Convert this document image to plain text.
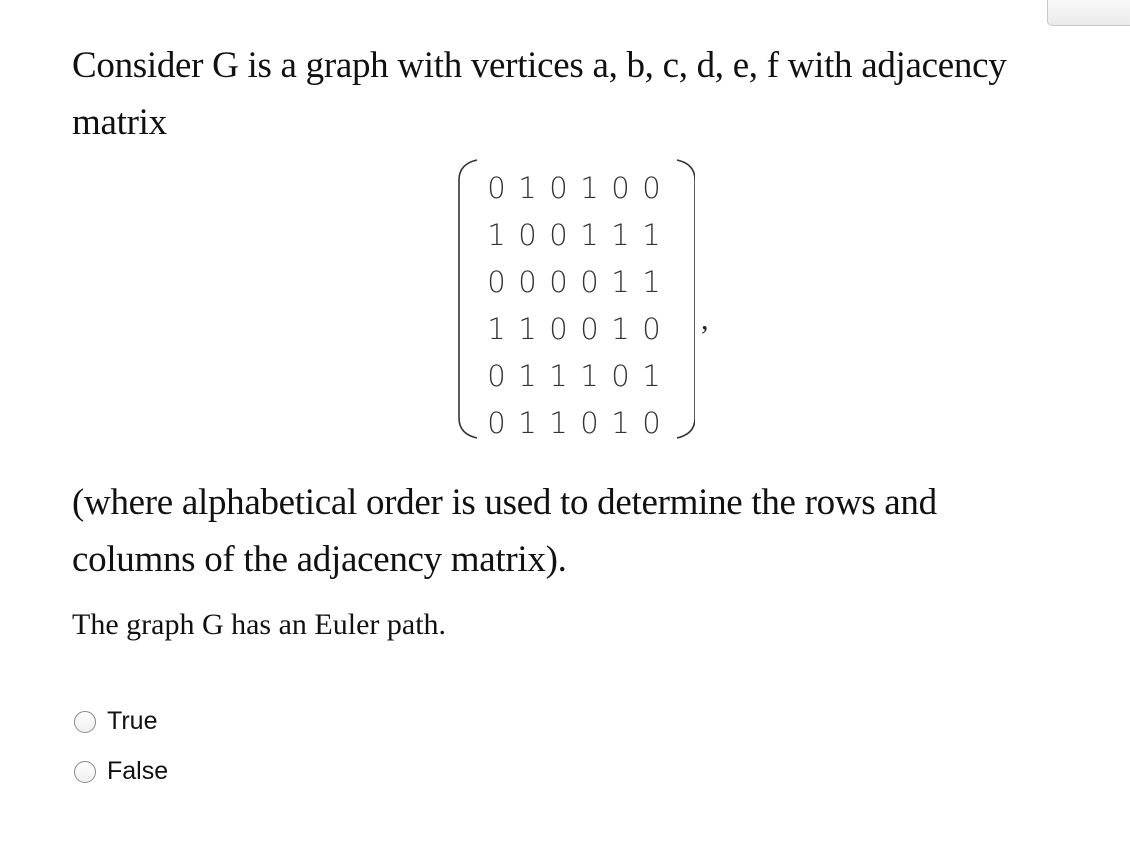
Consider G is a graph with vertices a, b, c, d, e, f with adjacency
matrix
0 1 0 1 0 0
1 0 0 1 1 1
0 0 0 0 1 1
1 1 0 0 1 0
0 1 1 1 0 1
0 1 1 0 1 0
,
(where alphabetical order is used to determine the rows and
columns of the adjacency matrix).
The graph G has an Euler path.
True
False
